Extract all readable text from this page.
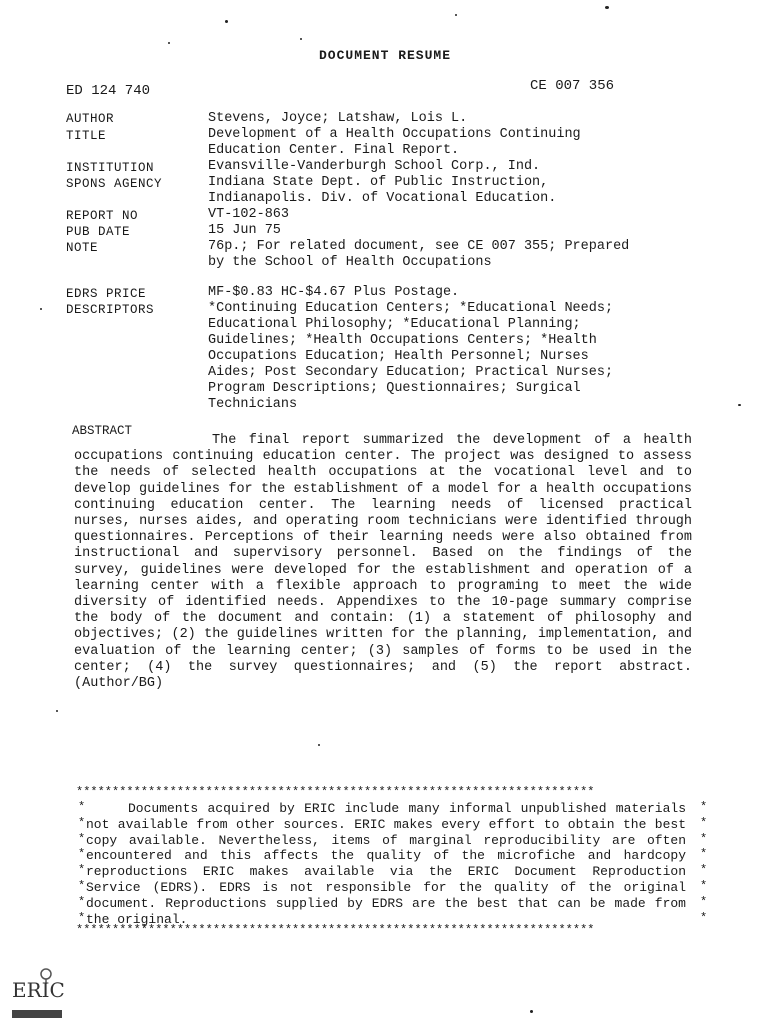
DOCUMENT RESUME
ED 124 740	CE 007 356
AUTHOR	Stevens, Joyce; Latshaw, Lois L.
TITLE	Development of a Health Occupations Continuing
Education Center. Final Report.
INSTITUTION	Evansville-Vanderburgh School Corp., Ind.
SPONS AGENCY	Indiana State Dept. of Public Instruction,
Indianapolis. Div. of Vocational Education.
REPORT NO	VT-102-863
PUB DATE	15 Jun 75
NOTE	76p.; For related document, see CE 007 355; Prepared
by the School of Health Occupations
EDRS PRICE	MF-$0.83 HC-$4.67 Plus Postage.
DESCRIPTORS	*Continuing Education Centers; *Educational Needs;
Educational Philosophy; *Educational Planning;
Guidelines; *Health Occupations Centers; *Health
Occupations Education; Health Personnel; Nurses
Aides; Post Secondary Education; Practical Nurses;
Program Descriptions; Questionnaires; Surgical
Technicians
ABSTRACT
The final report summarized the development of a health occupations continuing education center. The project was designed to assess the needs of selected health occupations at the vocational level and to develop guidelines for the establishment of a model for a health occupations continuing education center. The learning needs of licensed practical nurses, nurses aides, and operating room technicians were identified through questionnaires. Perceptions of their learning needs were also obtained from instructional and supervisory personnel. Based on the findings of the survey, guidelines were developed for the establishment and operation of a learning center with a flexible approach to programing to meet the wide diversity of identified needs. Appendixes to the 10-page summary comprise the body of the document and contain: (1) a statement of philosophy and objectives; (2) the guidelines written for the planning, implementation, and evaluation of the learning center; (3) samples of forms to be used in the center; (4) the survey questionnaires; and (5) the report abstract. (Author/BG)
************************************************************************
*
*
*
*
*
*
*
*
Documents acquired by ERIC include many informal unpublished materials not available from other sources. ERIC makes every effort to obtain the best copy available. Nevertheless, items of marginal reproducibility are often encountered and this affects the quality of the microfiche and hardcopy reproductions ERIC makes available via the ERIC Document Reproduction Service (EDRS). EDRS is not responsible for the quality of the original document. Reproductions supplied by EDRS are the best that can be made from the original.
*
*
*
*
*
*
*
*
************************************************************************
ERIC
